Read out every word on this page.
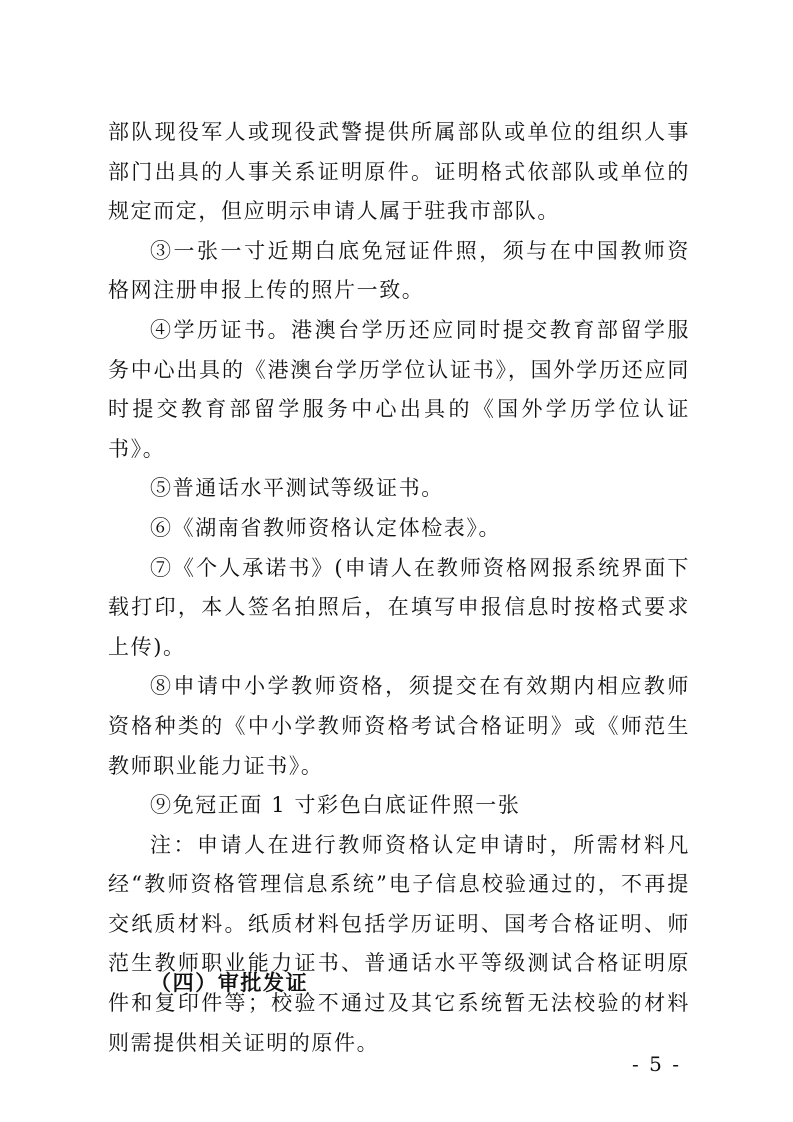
部队现役军人或现役武警提供所属部队或单位的组织人事部门出具的人事关系证明原件。证明格式依部队或单位的规定而定，但应明示申请人属于驻我市部队。

③一张一寸近期白底免冠证件照，须与在中国教师资格网注册申报上传的照片一致。

④学历证书。港澳台学历还应同时提交教育部留学服务中心出具的《港澳台学历学位认证书》，国外学历还应同时提交教育部留学服务中心出具的《国外学历学位认证书》。

⑤普通话水平测试等级证书。

⑥《湖南省教师资格认定体检表》。

⑦《个人承诺书》(申请人在教师资格网报系统界面下载打印，本人签名拍照后，在填写申报信息时按格式要求上传)。

⑧申请中小学教师资格，须提交在有效期内相应教师资格种类的《中小学教师资格考试合格证明》或《师范生教师职业能力证书》。

⑨免冠正面 1 寸彩色白底证件照一张

注：申请人在进行教师资格认定申请时，所需材料凡经“教师资格管理信息系统”电子信息校验通过的，不再提交纸质材料。纸质材料包括学历证明、国考合格证明、师范生教师职业能力证书、普通话水平等级测试合格证明原件和复印件等；校验不通过及其它系统暂无法校验的材料则需提供相关证明的原件。

（四）审批发证
- 5 -
